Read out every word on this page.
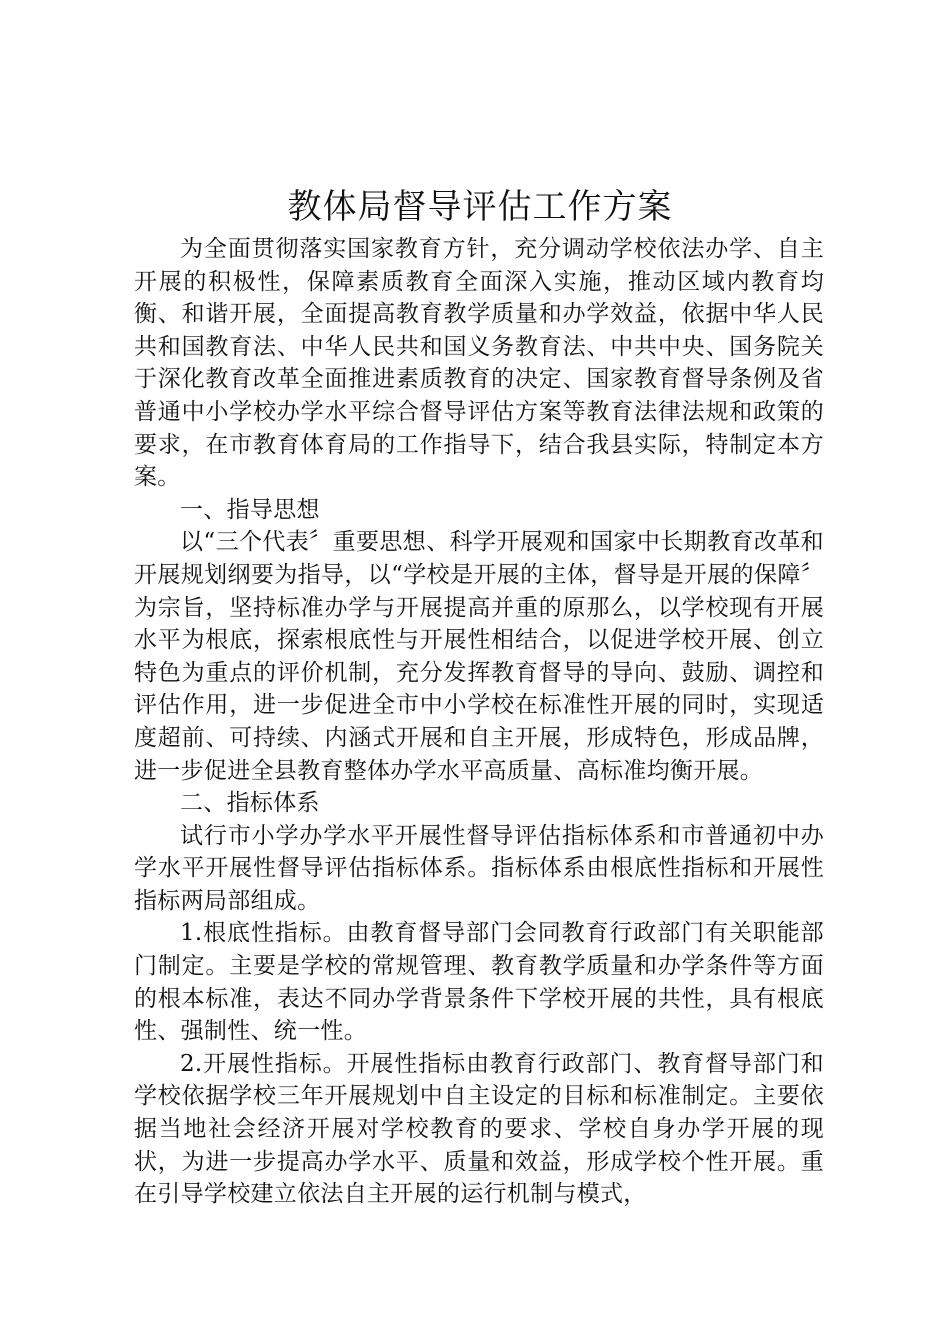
教体局督导评估工作方案

为全面贯彻落实国家教育方针，充分调动学校依法办学、自主开展的积极性，保障素质教育全面深入实施，推动区域内教育均衡、和谐开展，全面提高教育教学质量和办学效益，依据中华人民共和国教育法、中华人民共和国义务教育法、中共中央、国务院关于深化教育改革全面推进素质教育的决定、国家教育督导条例及省普通中小学校办学水平综合督导评估方案等教育法律法规和政策的要求，在市教育体育局的工作指导下，结合我县实际，特制定本方案。

一、指导思想

以“三个代表〞重要思想、科学开展观和国家中长期教育改革和开展规划纲要为指导，以“学校是开展的主体，督导是开展的保障〞为宗旨，坚持标准办学与开展提高并重的原那么，以学校现有开展水平为根底，探索根底性与开展性相结合，以促进学校开展、创立特色为重点的评价机制，充分发挥教育督导的导向、鼓励、调控和评估作用，进一步促进全市中小学校在标准性开展的同时，实现适度超前、可持续、内涵式开展和自主开展，形成特色，形成品牌，进一步促进全县教育整体办学水平高质量、高标准均衡开展。

二、指标体系

试行市小学办学水平开展性督导评估指标体系和市普通初中办学水平开展性督导评估指标体系。指标体系由根底性指标和开展性指标两局部组成。

1.根底性指标。由教育督导部门会同教育行政部门有关职能部门制定。主要是学校的常规管理、教育教学质量和办学条件等方面的根本标准，表达不同办学背景条件下学校开展的共性，具有根底性、强制性、统一性。

2.开展性指标。开展性指标由教育行政部门、教育督导部门和学校依据学校三年开展规划中自主设定的目标和标准制定。主要依据当地社会经济开展对学校教育的要求、学校自身办学开展的现状，为进一步提高办学水平、质量和效益，形成学校个性开展。重在引导学校建立依法自主开展的运行机制与模式，
